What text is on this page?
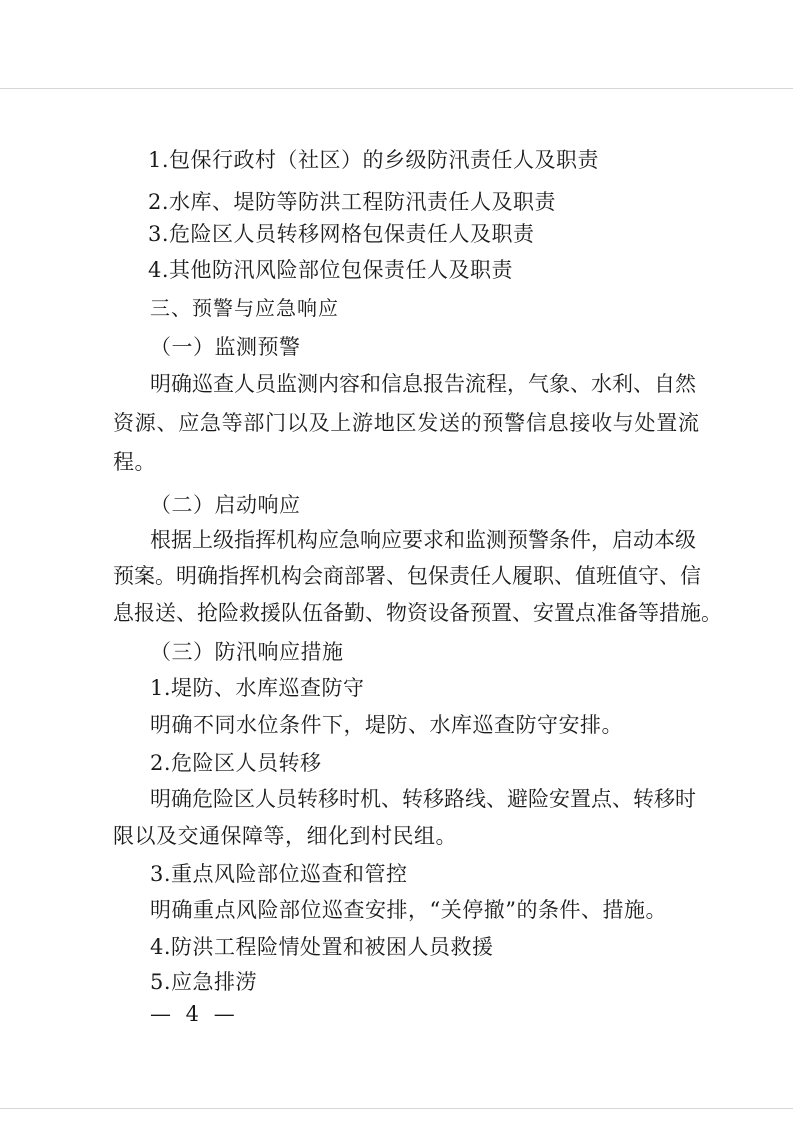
1.包保行政村（社区）的乡级防汛责任人及职责
2.水库、堤防等防洪工程防汛责任人及职责
3.危险区人员转移网格包保责任人及职责
4.其他防汛风险部位包保责任人及职责
三、预警与应急响应
（一）监测预警
明确巡查人员监测内容和信息报告流程，气象、水利、自然
资源、应急等部门以及上游地区发送的预警信息接收与处置流
程。
（二）启动响应
根据上级指挥机构应急响应要求和监测预警条件，启动本级
预案。明确指挥机构会商部署、包保责任人履职、值班值守、信
息报送、抢险救援队伍备勤、物资设备预置、安置点准备等措施。
（三）防汛响应措施
1.堤防、水库巡查防守
明确不同水位条件下，堤防、水库巡查防守安排。
2.危险区人员转移
明确危险区人员转移时机、转移路线、避险安置点、转移时
限以及交通保障等，细化到村民组。
3.重点风险部位巡查和管控
明确重点风险部位巡查安排，“关停撤”的条件、措施。
4.防洪工程险情处置和被困人员救援
5.应急排涝
— 4 —
